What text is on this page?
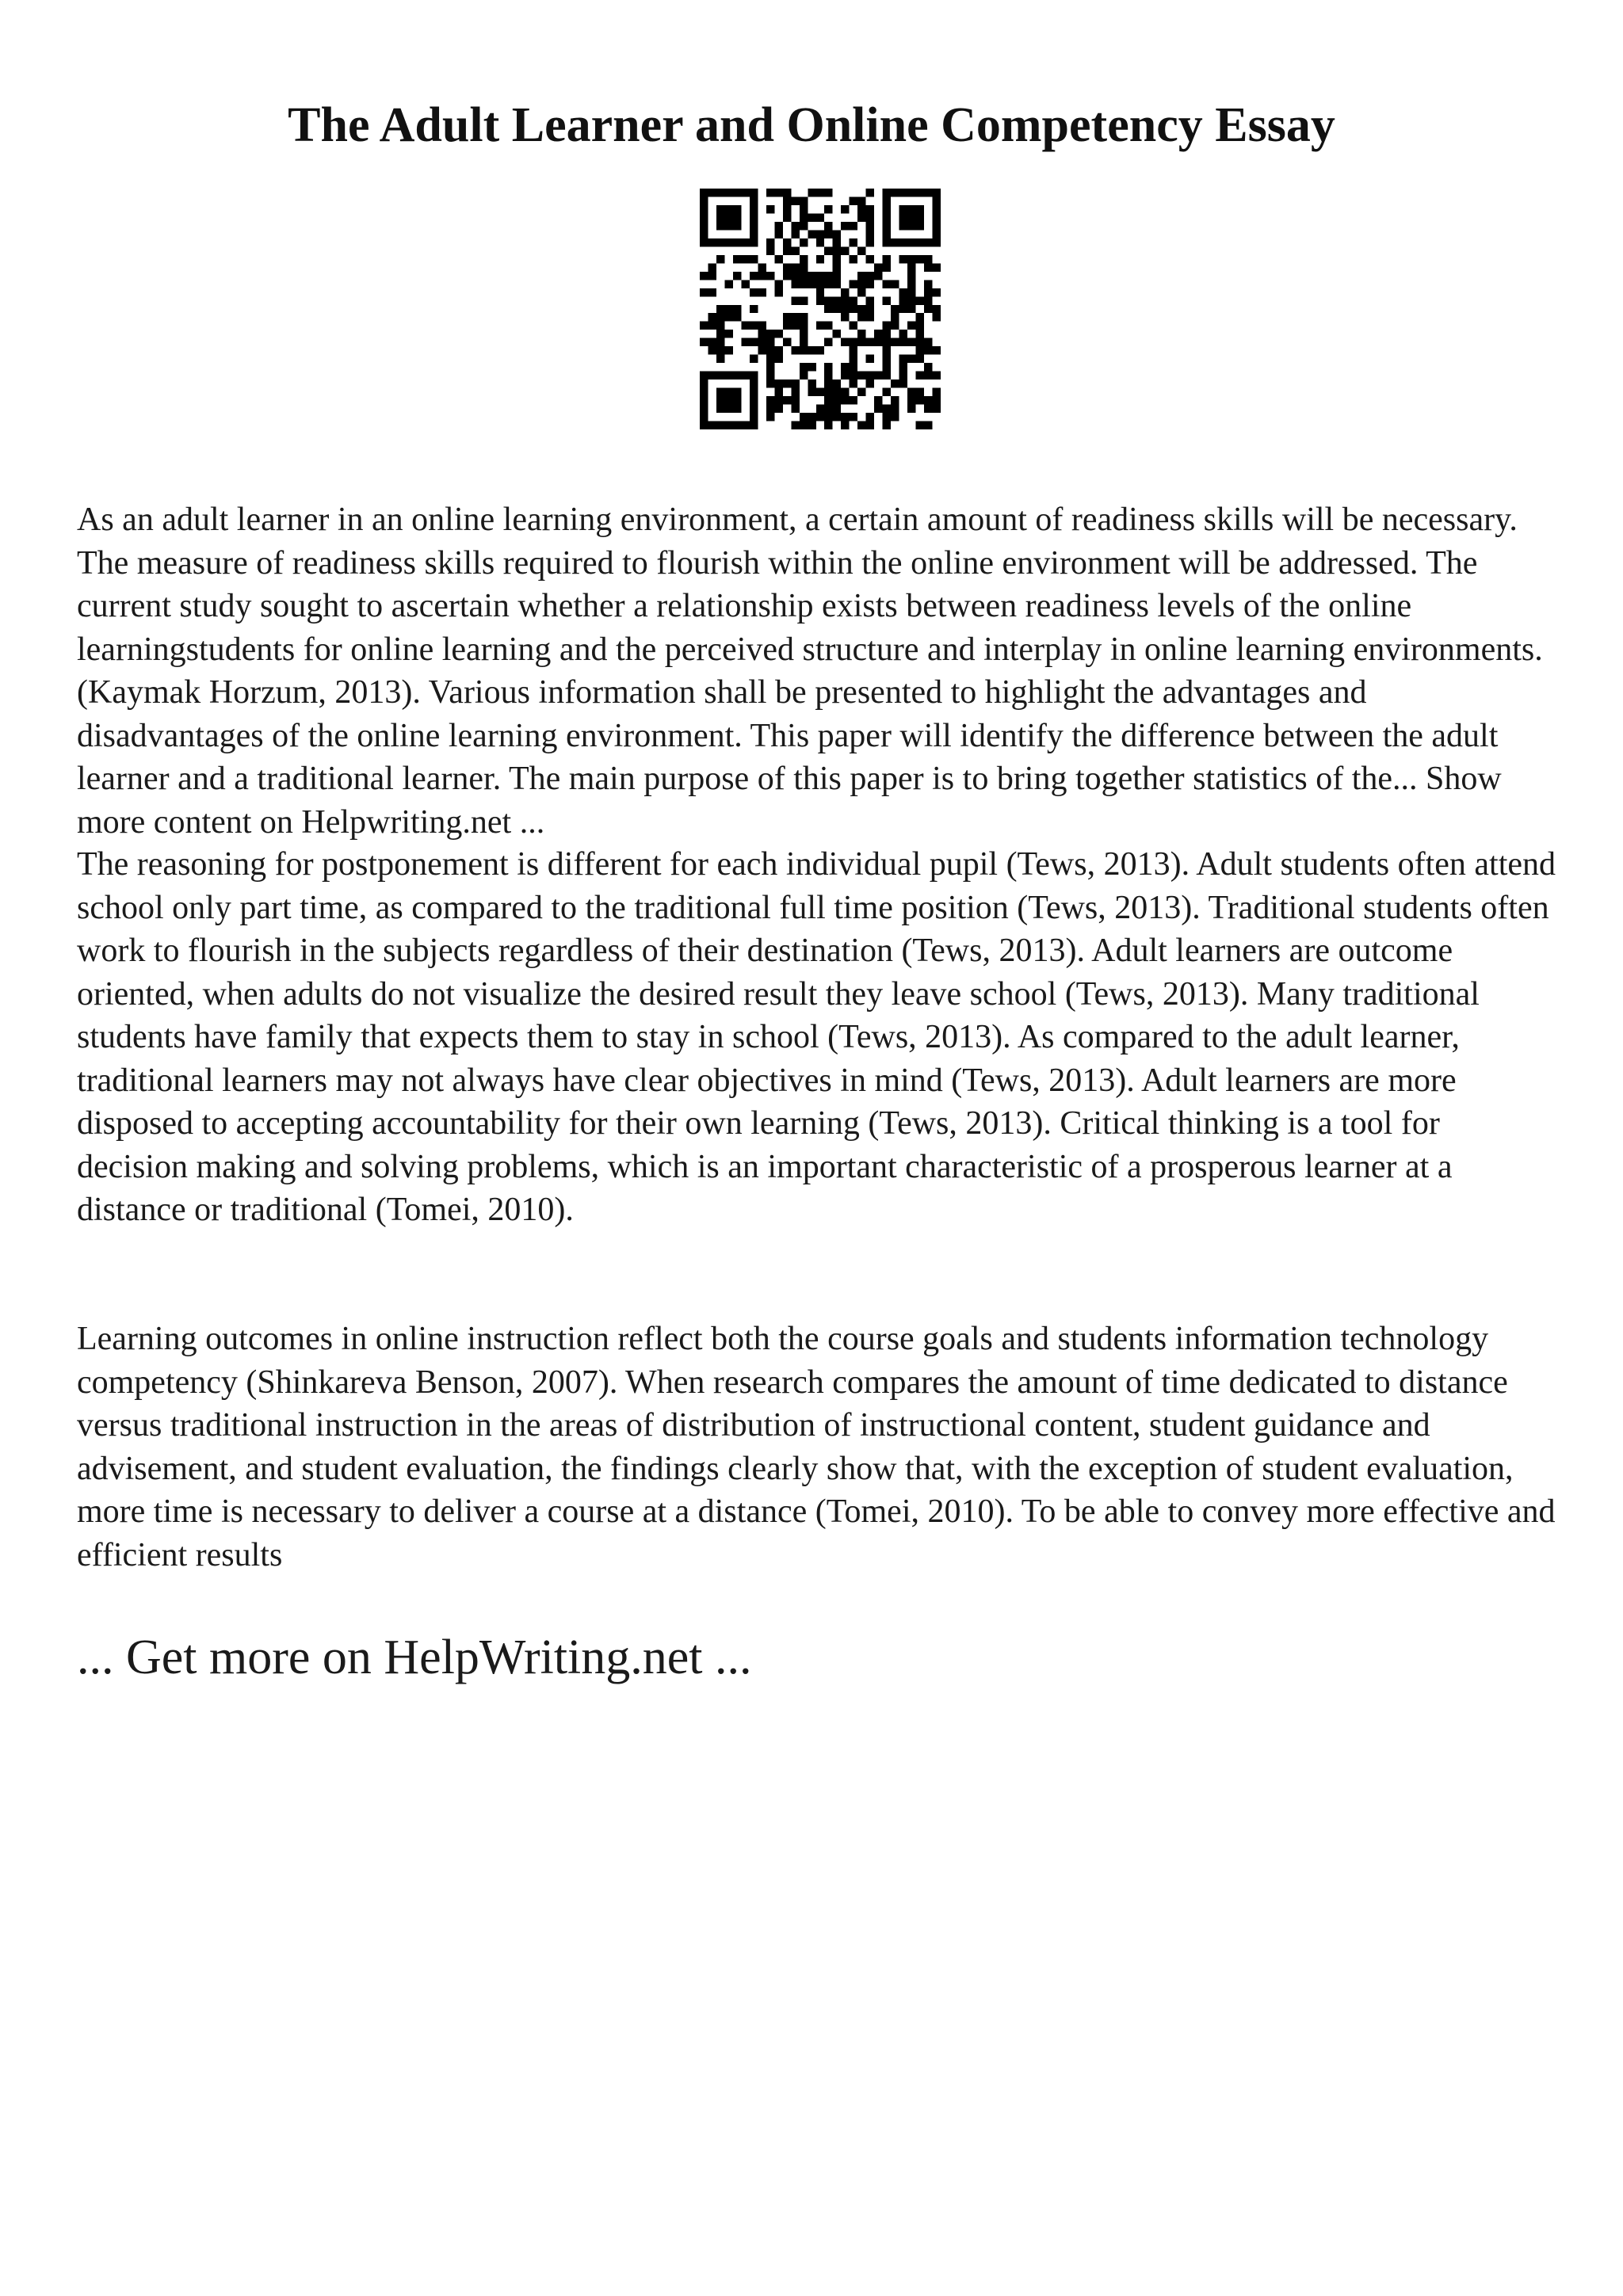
The Adult Learner and Online Competency Essay

As an adult learner in an online learning environment, a certain amount of readiness skills will be necessary. The measure of readiness skills required to flourish within the online environment will be addressed. The current study sought to ascertain whether a relationship exists between readiness levels of the online learningstudents for online learning and the perceived structure and interplay in online learning environments. (Kaymak Horzum, 2013). Various information shall be presented to highlight the advantages and disadvantages of the online learning environment. This paper will identify the difference between the adult learner and a traditional learner. The main purpose of this paper is to bring together statistics of the... Show more content on Helpwriting.net ...

The reasoning for postponement is different for each individual pupil (Tews, 2013). Adult students often attend school only part time, as compared to the traditional full time position (Tews, 2013). Traditional students often work to flourish in the subjects regardless of their destination (Tews, 2013). Adult learners are outcome oriented, when adults do not visualize the desired result they leave school (Tews, 2013). Many traditional students have family that expects them to stay in school (Tews, 2013). As compared to the adult learner, traditional learners may not always have clear objectives in mind (Tews, 2013). Adult learners are more disposed to accepting accountability for their own learning (Tews, 2013). Critical thinking is a tool for decision making and solving problems, which is an important characteristic of a prosperous learner at a distance or traditional (Tomei, 2010).

Learning outcomes in online instruction reflect both the course goals and students information technology competency (Shinkareva Benson, 2007). When research compares the amount of time dedicated to distance versus traditional instruction in the areas of distribution of instructional content, student guidance and advisement, and student evaluation, the findings clearly show that, with the exception of student evaluation, more time is necessary to deliver a course at a distance (Tomei, 2010). To be able to convey more effective and efficient results

... Get more on HelpWriting.net ...
